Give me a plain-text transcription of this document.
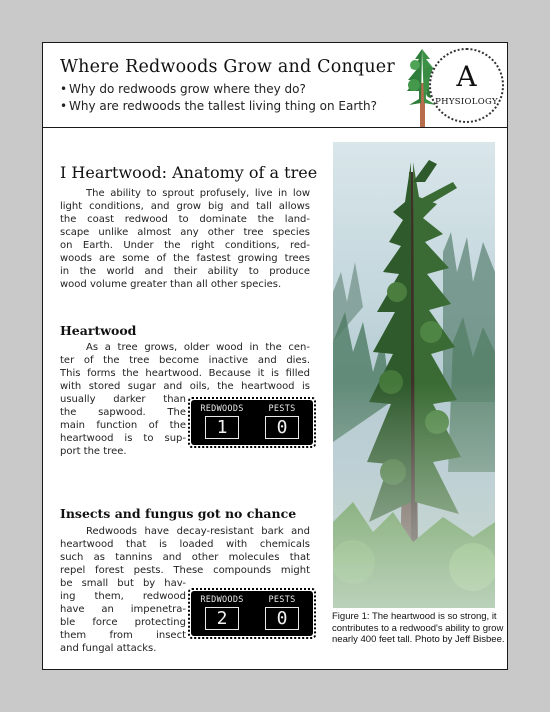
Where Redwoods Grow and Conquer
• Why do redwoods grow where they do?
• Why are redwoods the tallest living thing on Earth?
A
PHYSIOLOGY
I Heartwood: Anatomy of a tree
The ability to sprout profusely, live in low
light conditions, and grow big and tall allows
the coast redwood to dominate the land-
scape unlike almost any other tree species
on Earth. Under the right conditions, red-
woods are some of the fastest growing trees
in the world and their ability to produce
wood volume greater than all other species.
Heartwood
As a tree grows, older wood in the cen-
ter of the tree become inactive and dies.
This forms the heartwood. Because it is filled
with stored sugar and oils, the heartwood is
usually darker than
the sapwood. The
main function of the
heartwood is to sup-
port the tree.
REDWOODS
1
PESTS
0
Insects and fungus got no chance
Redwoods have decay-resistant bark and
heartwood that is loaded with chemicals
such as tannins and other molecules that
repel forest pests. These compounds might
be small but by hav-
ing them, redwood
have an impenetra-
ble force protecting
them from insect
and fungal attacks.
REDWOODS
2
PESTS
0	Figure 1: The heartwood is so strong, it
contributes to a redwood's ability to grow
nearly 400 feet tall. Photo by Jeff Bisbee.
